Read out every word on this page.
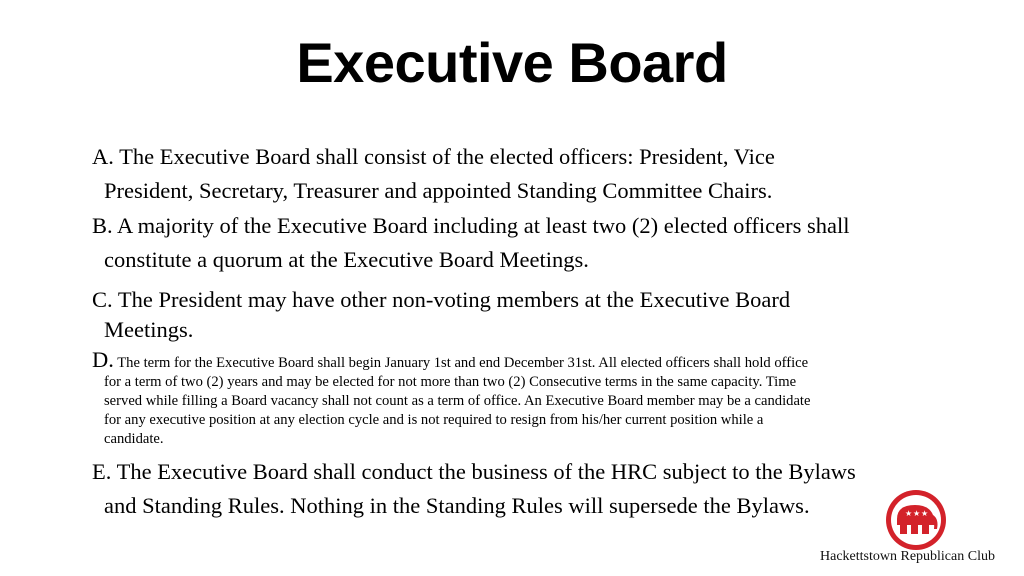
Executive Board
A. The Executive Board shall consist of the elected officers: President, Vice
President, Secretary, Treasurer and appointed Standing Committee Chairs.
B. A majority of the Executive Board including at least two (2) elected officers shall
constitute a quorum at the Executive Board Meetings.
C. The President may have other non-voting members at the Executive Board
Meetings.
D. The term for the Executive Board shall begin January 1st and end December 31st. All elected officers shall hold office
for a term of two (2) years and may be elected for not more than two (2) Consecutive terms in the same capacity. Time
served while filling a Board vacancy shall not count as a term of office. An Executive Board member may be a candidate
for any executive position at any election cycle and is not required to resign from his/her current position while a
candidate.
E. The Executive Board shall conduct the business of the HRC subject to the Bylaws
and Standing Rules. Nothing in the Standing Rules will supersede the Bylaws.	★ ★ ★
Hackettstown Republican Club
